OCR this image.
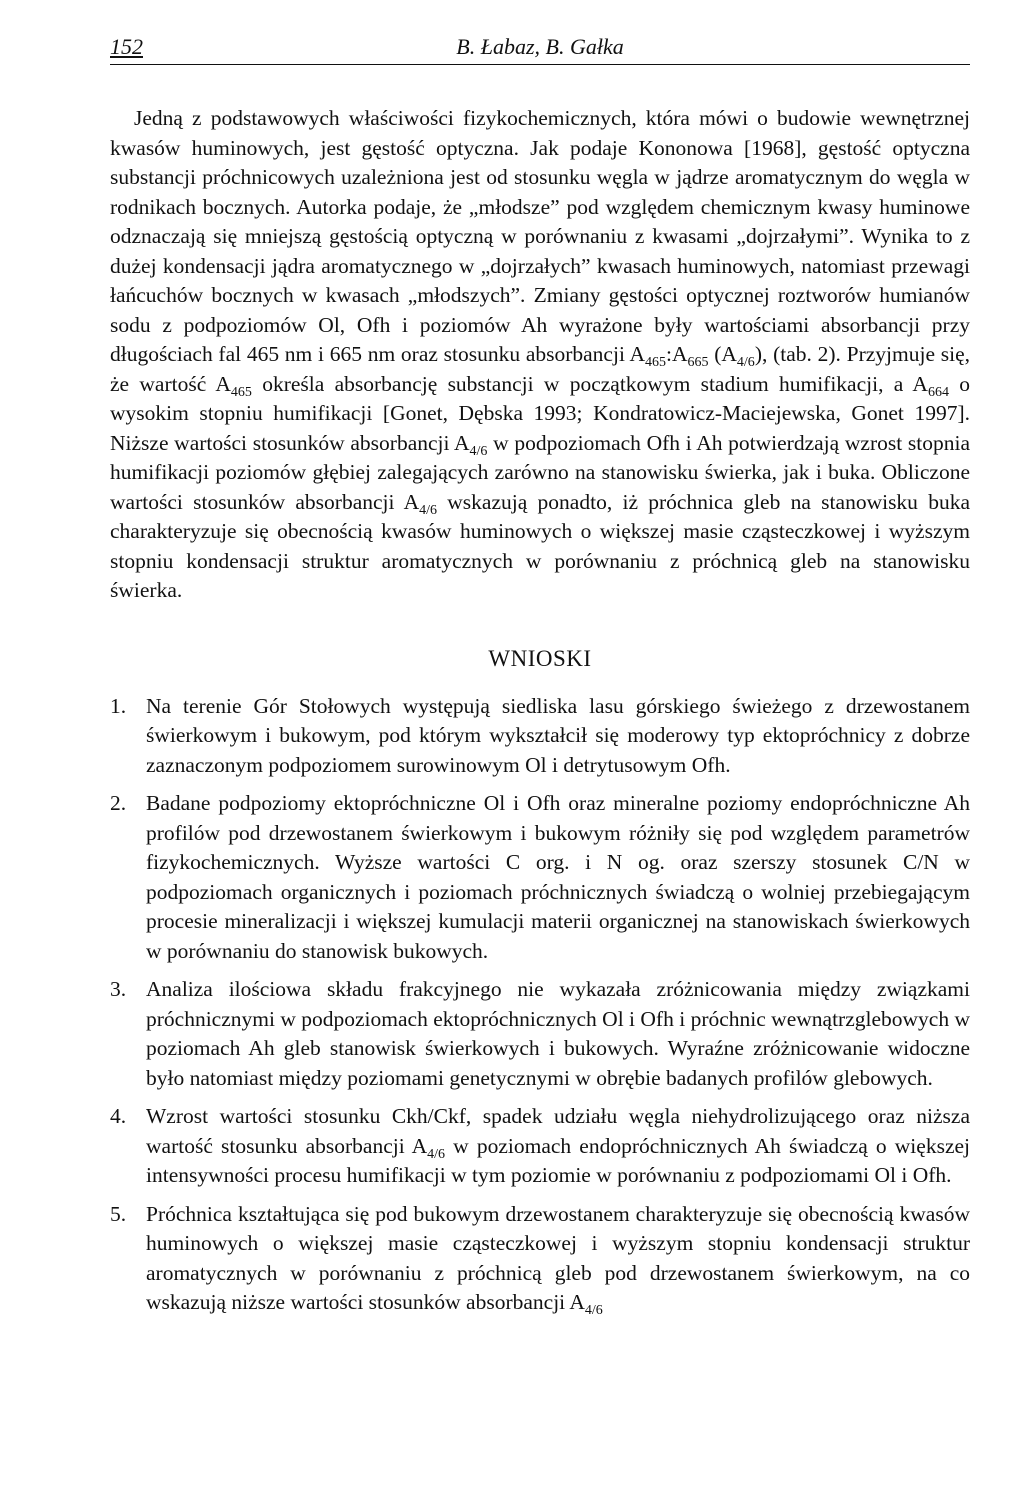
152	B. Łabaz, B. Gałka

Jedną z podstawowych właściwości fizykochemicznych, która mówi o budowie wewnętrznej kwasów huminowych, jest gęstość optyczna. Jak podaje Kononowa [1968], gęstość optyczna substancji próchnicowych uzależniona jest od stosunku węgla w jądrze aromatycznym do węgla w rodnikach bocznych. Autorka podaje, że „młodsze” pod względem chemicznym kwasy huminowe odznaczają się mniejszą gęstością optyczną w porównaniu z kwasami „dojrzałymi”. Wynika to z dużej kondensacji jądra aromatycznego w „dojrzałych” kwasach huminowych, natomiast przewagi łańcuchów bocznych w kwasach „młodszych”. Zmiany gęstości optycznej roztworów humianów sodu z podpoziomów Ol, Ofh i poziomów Ah wyrażone były wartościami absorbancji przy długościach fal 465 nm i 665 nm oraz stosunku absorbancji $A_{465}:A_{665}$ $(A_{4/6})$, (tab. 2). Przyjmuje się, że wartość $A_{465}$ określa absorbancję substancji w początkowym stadium humifikacji, a $A_{664}$ o wysokim stopniu humifikacji [Gonet, Dębska 1993; Kondratowicz-Maciejewska, Gonet 1997]. Niższe wartości stosunków absorbancji $A_{4/6}$ w podpoziomach Ofh i Ah potwierdzają wzrost stopnia humifikacji poziomów głębiej zalegających zarówno na stanowisku świerka, jak i buka. Obliczone wartości stosunków absorbancji $A_{4/6}$ wskazują ponadto, iż próchnica gleb na stanowisku buka charakteryzuje się obecnością kwasów huminowych o większej masie cząsteczkowej i wyższym stopniu kondensacji struktur aromatycznych w porównaniu z próchnicą gleb na stanowisku świerka.

WNIOSKI
1. Na terenie Gór Stołowych występują siedliska lasu górskiego świeżego z drzewostanem świerkowym i bukowym, pod którym wykształcił się moderowy typ ektopróchnicy z dobrze zaznaczonym podpoziomem surowinowym Ol i detrytusowym Ofh.
2. Badane podpoziomy ektopróchniczne Ol i Ofh oraz mineralne poziomy endopróchniczne Ah profilów pod drzewostanem świerkowym i bukowym różniły się pod względem parametrów fizykochemicznych. Wyższe wartości C org. i N og. oraz szerszy stosunek C/N w podpoziomach organicznych i poziomach próchnicznych świadczą o wolniej przebiegającym procesie mineralizacji i większej kumulacji materii organicznej na stanowiskach świerkowych w porównaniu do stanowisk bukowych.
3. Analiza ilościowa składu frakcyjnego nie wykazała zróżnicowania między związkami próchnicznymi w podpoziomach ektopróchnicznych Ol i Ofh i próchnic wewnątrzglebowych w poziomach Ah gleb stanowisk świerkowych i bukowych. Wyraźne zróżnicowanie widoczne było natomiast między poziomami genetycznymi w obrębie badanych profilów glebowych.
4. Wzrost wartości stosunku Ckh/Ckf, spadek udziału węgla niehydrolizującego oraz niższa wartość stosunku absorbancji $A_{4/6}$ w poziomach endopróchnicznych Ah świadczą o większej intensywności procesu humifikacji w tym poziomie w porównaniu z podpoziomami Ol i Ofh.
5. Próchnica kształtująca się pod bukowym drzewostanem charakteryzuje się obecnością kwasów huminowych o większej masie cząsteczkowej i wyższym stopniu kondensacji struktur aromatycznych w porównaniu z próchnicą gleb pod drzewostanem świerkowym, na co wskazują niższe wartości stosunków absorbancji $A_{4/6}$
